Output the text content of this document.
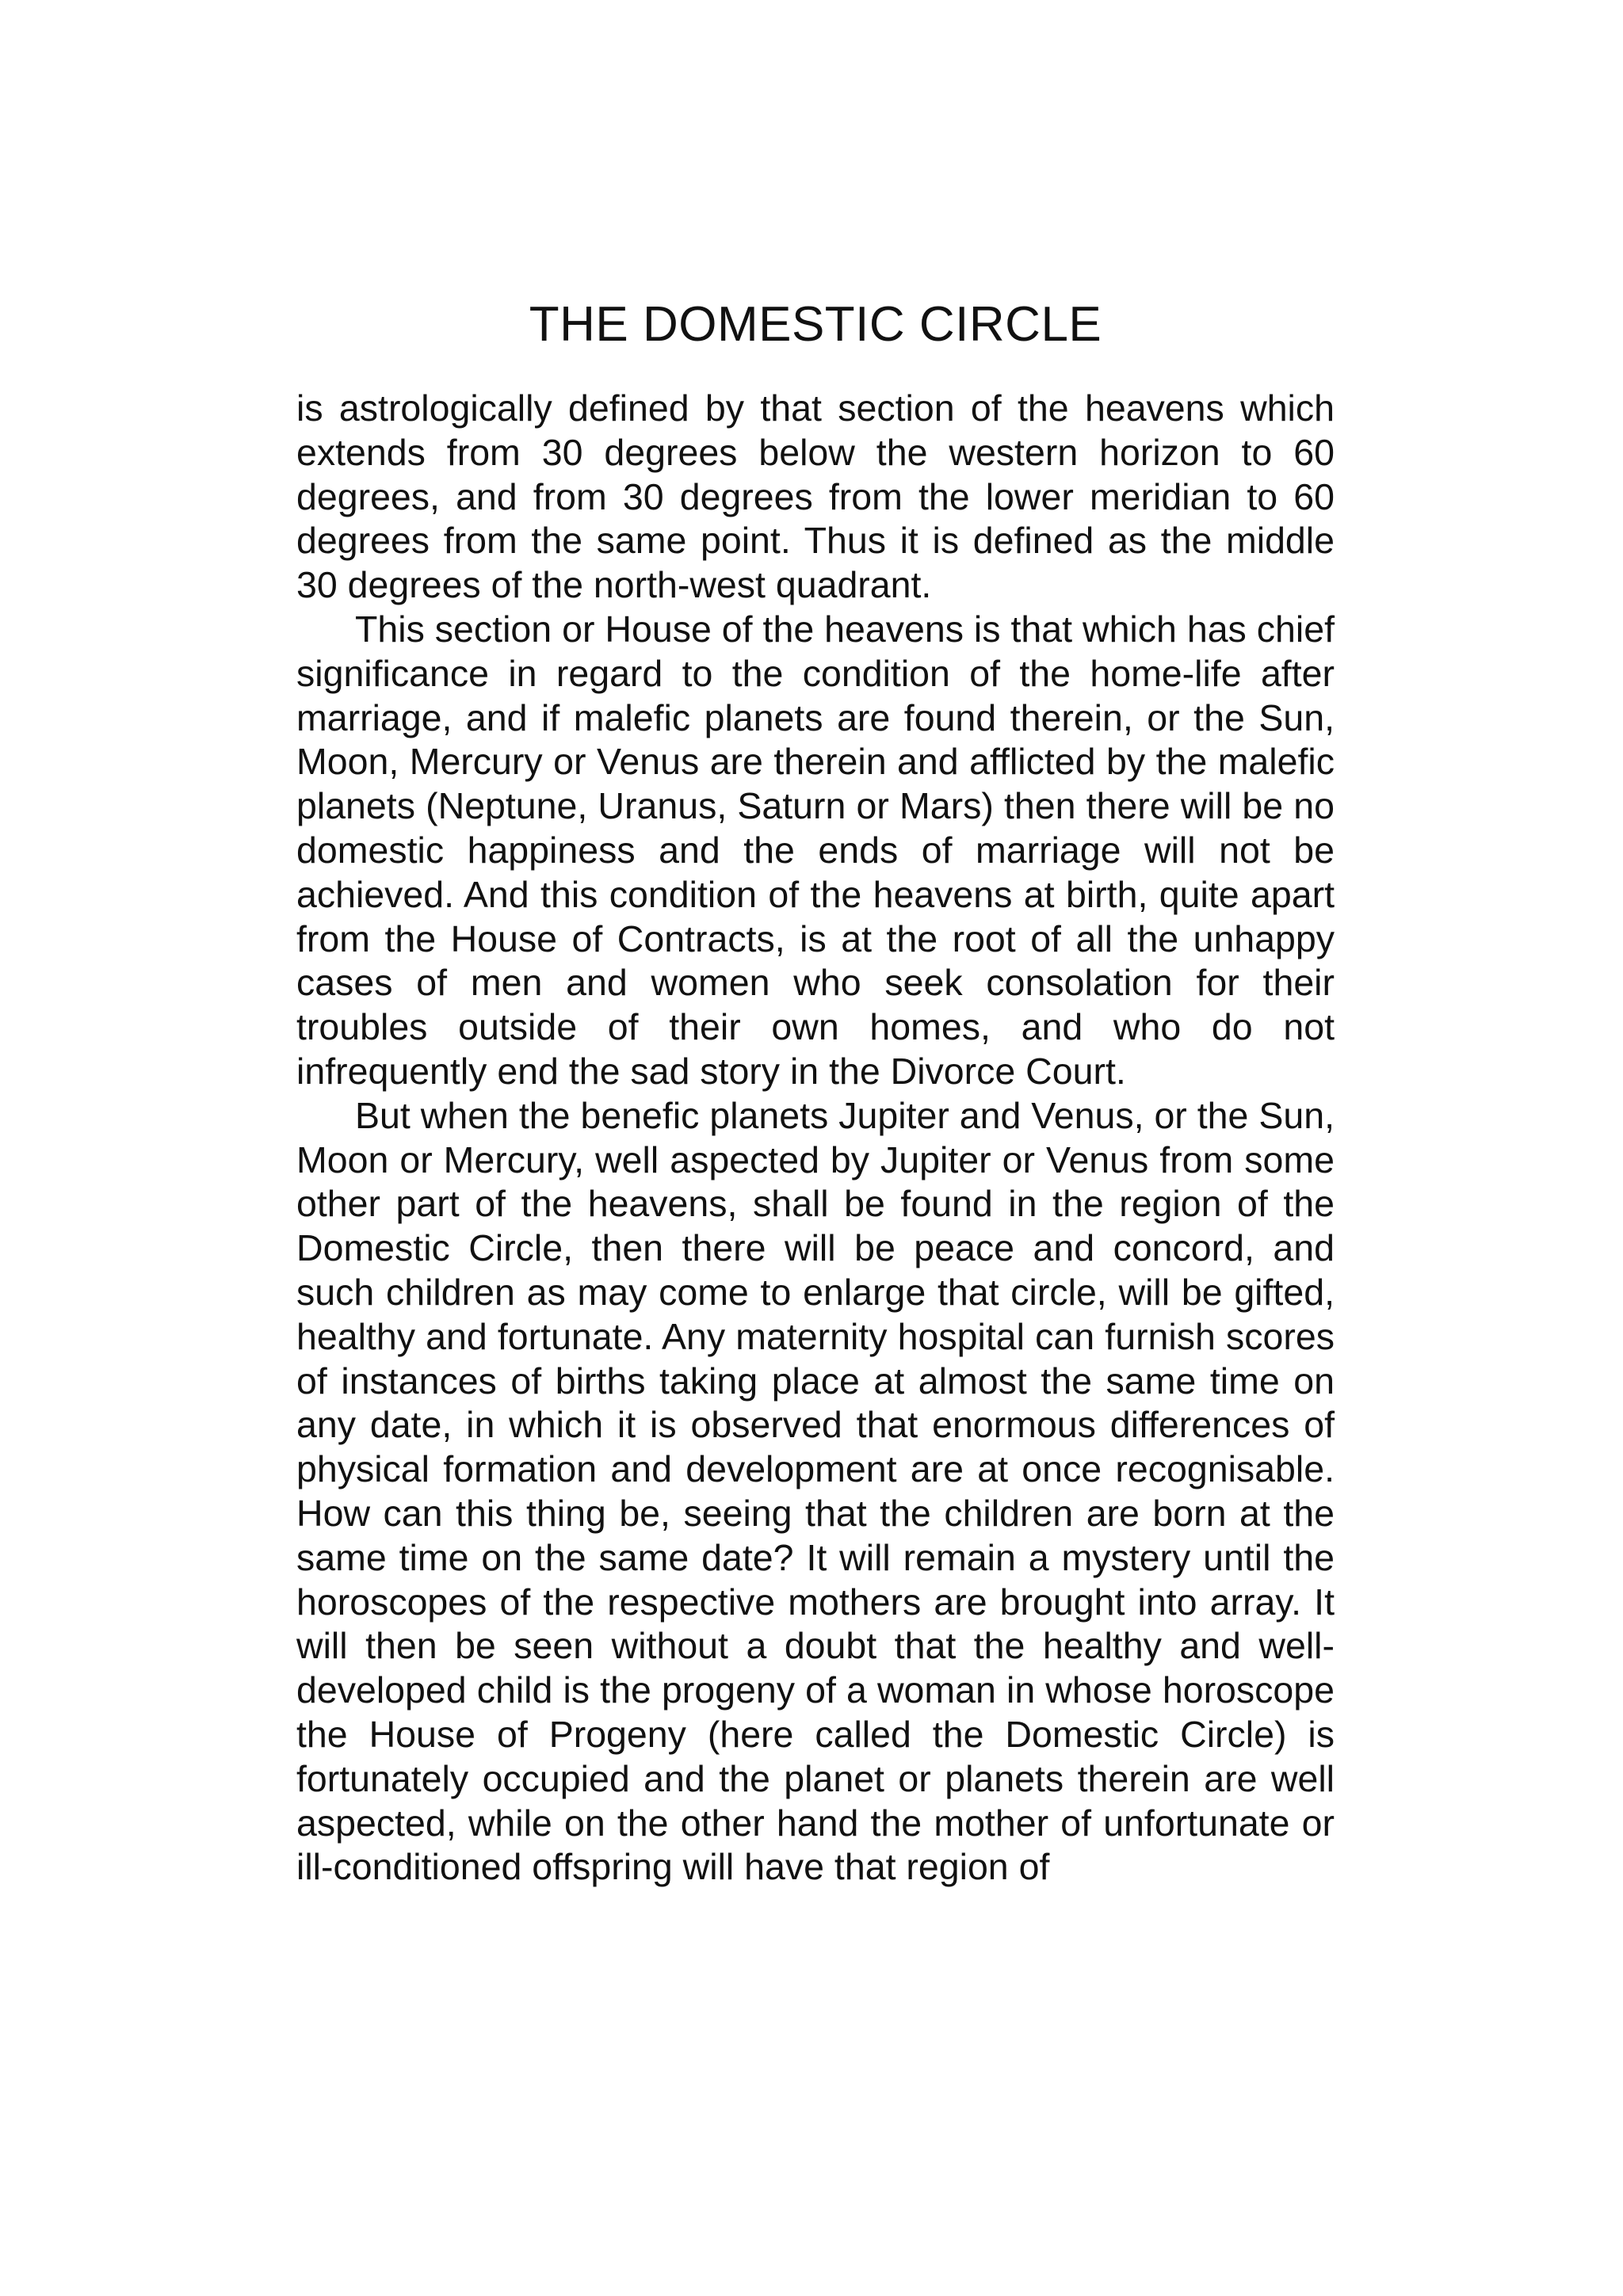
THE DOMESTIC CIRCLE

is astrologically defined by that section of the heavens which extends from 30 degrees below the western horizon to 60 degrees, and from 30 degrees from the lower meridian to 60 degrees from the same point. Thus it is defined as the middle 30 degrees of the north-west quadrant.

This section or House of the heavens is that which has chief significance in regard to the condition of the home-life after marriage, and if malefic planets are found therein, or the Sun, Moon, Mercury or Venus are therein and afflicted by the malefic planets (Neptune, Uranus, Saturn or Mars) then there will be no domestic happiness and the ends of marriage will not be achieved. And this condition of the heavens at birth, quite apart from the House of Contracts, is at the root of all the unhappy cases of men and women who seek consolation for their troubles outside of their own homes, and who do not infrequently end the sad story in the Divorce Court.

But when the benefic planets Jupiter and Venus, or the Sun, Moon or Mercury, well aspected by Jupiter or Venus from some other part of the heavens, shall be found in the region of the Domestic Circle, then there will be peace and concord, and such children as may come to enlarge that circle, will be gifted, healthy and fortunate. Any maternity hospital can furnish scores of instances of births taking place at almost the same time on any date, in which it is observed that enormous differences of physical formation and development are at once recognisable. How can this thing be, seeing that the children are born at the same time on the same date? It will remain a mystery until the horoscopes of the respective mothers are brought into array. It will then be seen without a doubt that the healthy and well-developed child is the progeny of a woman in whose horoscope the House of Progeny (here called the Domestic Circle) is fortunately occupied and the planet or planets therein are well aspected, while on the other hand the mother of unfortunate or ill-conditioned offspring will have that region of
